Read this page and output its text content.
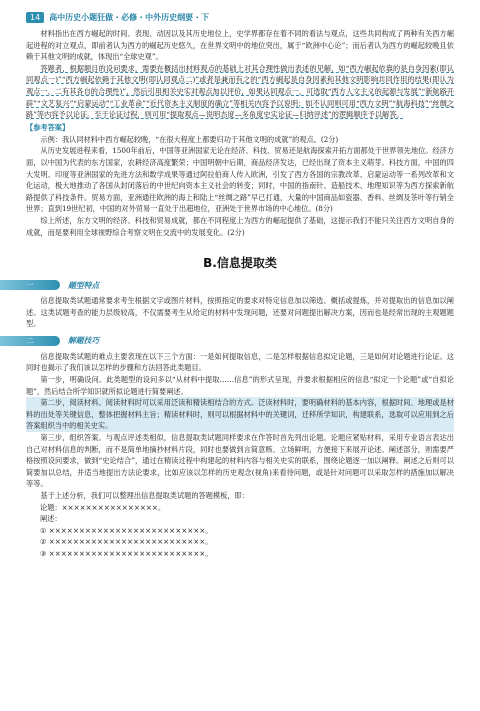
14	高中历史小题狂做・必修・中外历史纲要・下

材料指出在西方崛起的时间、表现、动因以及其历史地位上，史学界都存在着不同的看法与观点，这些共同构成了两种有关西方崛起进程的对立观点，即前者认为西方的崛起历史悠久，在世界文明中的地位突出，属于“欧洲中心论”；而后者认为西方的崛起较晚且依赖于其他文明的成就，体现出“全球史观”。

答题者，根据题目的设问要求，需要在概括出材料观点的基础上对其合理性做出表述的见解，如“西方崛起依靠的是自身因素(即认同观点一)”“西方崛起依赖于其他文明(即认同观点二)”或者是兼而有之的“西方崛起是自身因素和其他文明影响共同作用的结果(即认为观点一、二有其各自的合理性)”，然后引用相关史实对观点加以评价，如果认同观点一，可选取“西方人文主义的起源与发展”“新航路开辟”“文艺复兴”“启蒙运动”“工业革命”“近代资本主义制度的确立”等相关内容予以说明；如不认同则可用“西方文明”“航海科技”“丝绸之路”等内容予以论证。至于论证过程，则可用“提取观点—说明态度—多角度史实论证—归纳评述”的逻辑顺序予以解答。

【参考答案】

示例：我认同材料中西方崛起较晚，“在很大程度上都要归功于其他文明的成就”的观点。(2分)

从历史发展进程来看，1500年前后，中国等亚洲国家无论在经济、科技、贸易还是航海探索开拓方面都处于世界领先地位。经济方面，以中国为代表的东方国家，农耕经济高度繁荣；中国明朝中后期，商品经济发达，已经出现了资本主义萌芽。科技方面，中国的四大发明、印度等亚洲国家的先进方法和数学成果等通过阿拉伯商人传入欧洲，引发了西方各国的宗教改革、启蒙运动等一系列改革和文化运动，极大地推动了各国从封闭落后的中世纪向资本主义社会的转变；同时，中国的指南针、造船技术、地理知识等为西方探索新航路提供了科技条件。贸易方面，亚洲通往欧洲的海上和陆上“丝绸之路”早已打通，大量的中国商品如瓷器、香料、丝绸及茶叶等行销全世界；直到19世纪初，中国的对外贸易一直处于出超地位，亚洲处于世界市场的中心地位。(8分)

综上所述，东方文明的经济、科技和贸易成就，都在不同程度上为西方的崛起提供了基础，这提示我们不能只关注西方文明自身的成就，而是要利用全球视野综合考察文明在交流中的发展变化。(2分)

B.信息提取类
一	题型特点

信息提取类试题通常要求考生根据文字或图片材料，按照指定的要求对特定信息加以筛选、概括或提炼，并对提取出的信息加以阐述。这类试题考查的能力层级较高，不仅需要考生从给定的材料中发现问题，还要对问题提出解决方案，因而也是经常出现的主观题题型。

二	解题技巧

信息提取类试题的难点主要表现在以下三个方面：一是如何提取信息，二是怎样根据信息拟定论题，三是如何对论题进行论证。这同时也揭示了我们该以怎样的步骤和方法回答此类题目。

第一步，明确设问。此类题型的设问多以“从材料中提取……信息”的形式呈现，并要求根据相应的信息“拟定一个论题”或“自拟论题”，然后结合所学知识就所拟论题进行简要阐述。

第二步，阅读材料。阅读材料时可以采用泛读和精读相结合的方式。泛读材料时，要明确材料的基本内容，根据时间、地理或是材料的出处等关键信息，整体把握材料主旨；精读材料时，则可以根据材料中的关键词，迁移所学知识，构建联系，选取可以应用到之后答案组织当中的相关史实。

第三步，组织答案。与观点评述类相似，信息提取类试题同样要求在作答时首先列出论题。论题应紧贴材料，采用专业语言表达出自己对材料信息的判断，而不是简单地摘抄材料片段，同时也要做到言简意赅、立场鲜明，方便接下来展开论述。阐述部分，则需要严格按照设问要求，做到“史论结合”，通过在精读过程中构建起的材料内容与相关史实的联系，围绕论题逐一加以阐释。阐述之后则可以简要加以总结，并适当地提出方法论要求，比如应该以怎样的历史观念(视角)来看待问题，或是针对问题可以采取怎样的措施加以解决等等。

基于上述分析，我们可以整理出信息提取类试题的答题模板，即：

论题：××××××××××××××××。
阐述：
① ××××××××××××××××××××××××××。
② ××××××××××××××××××××××××××。
③ ××××××××××××××××××××××××××。
